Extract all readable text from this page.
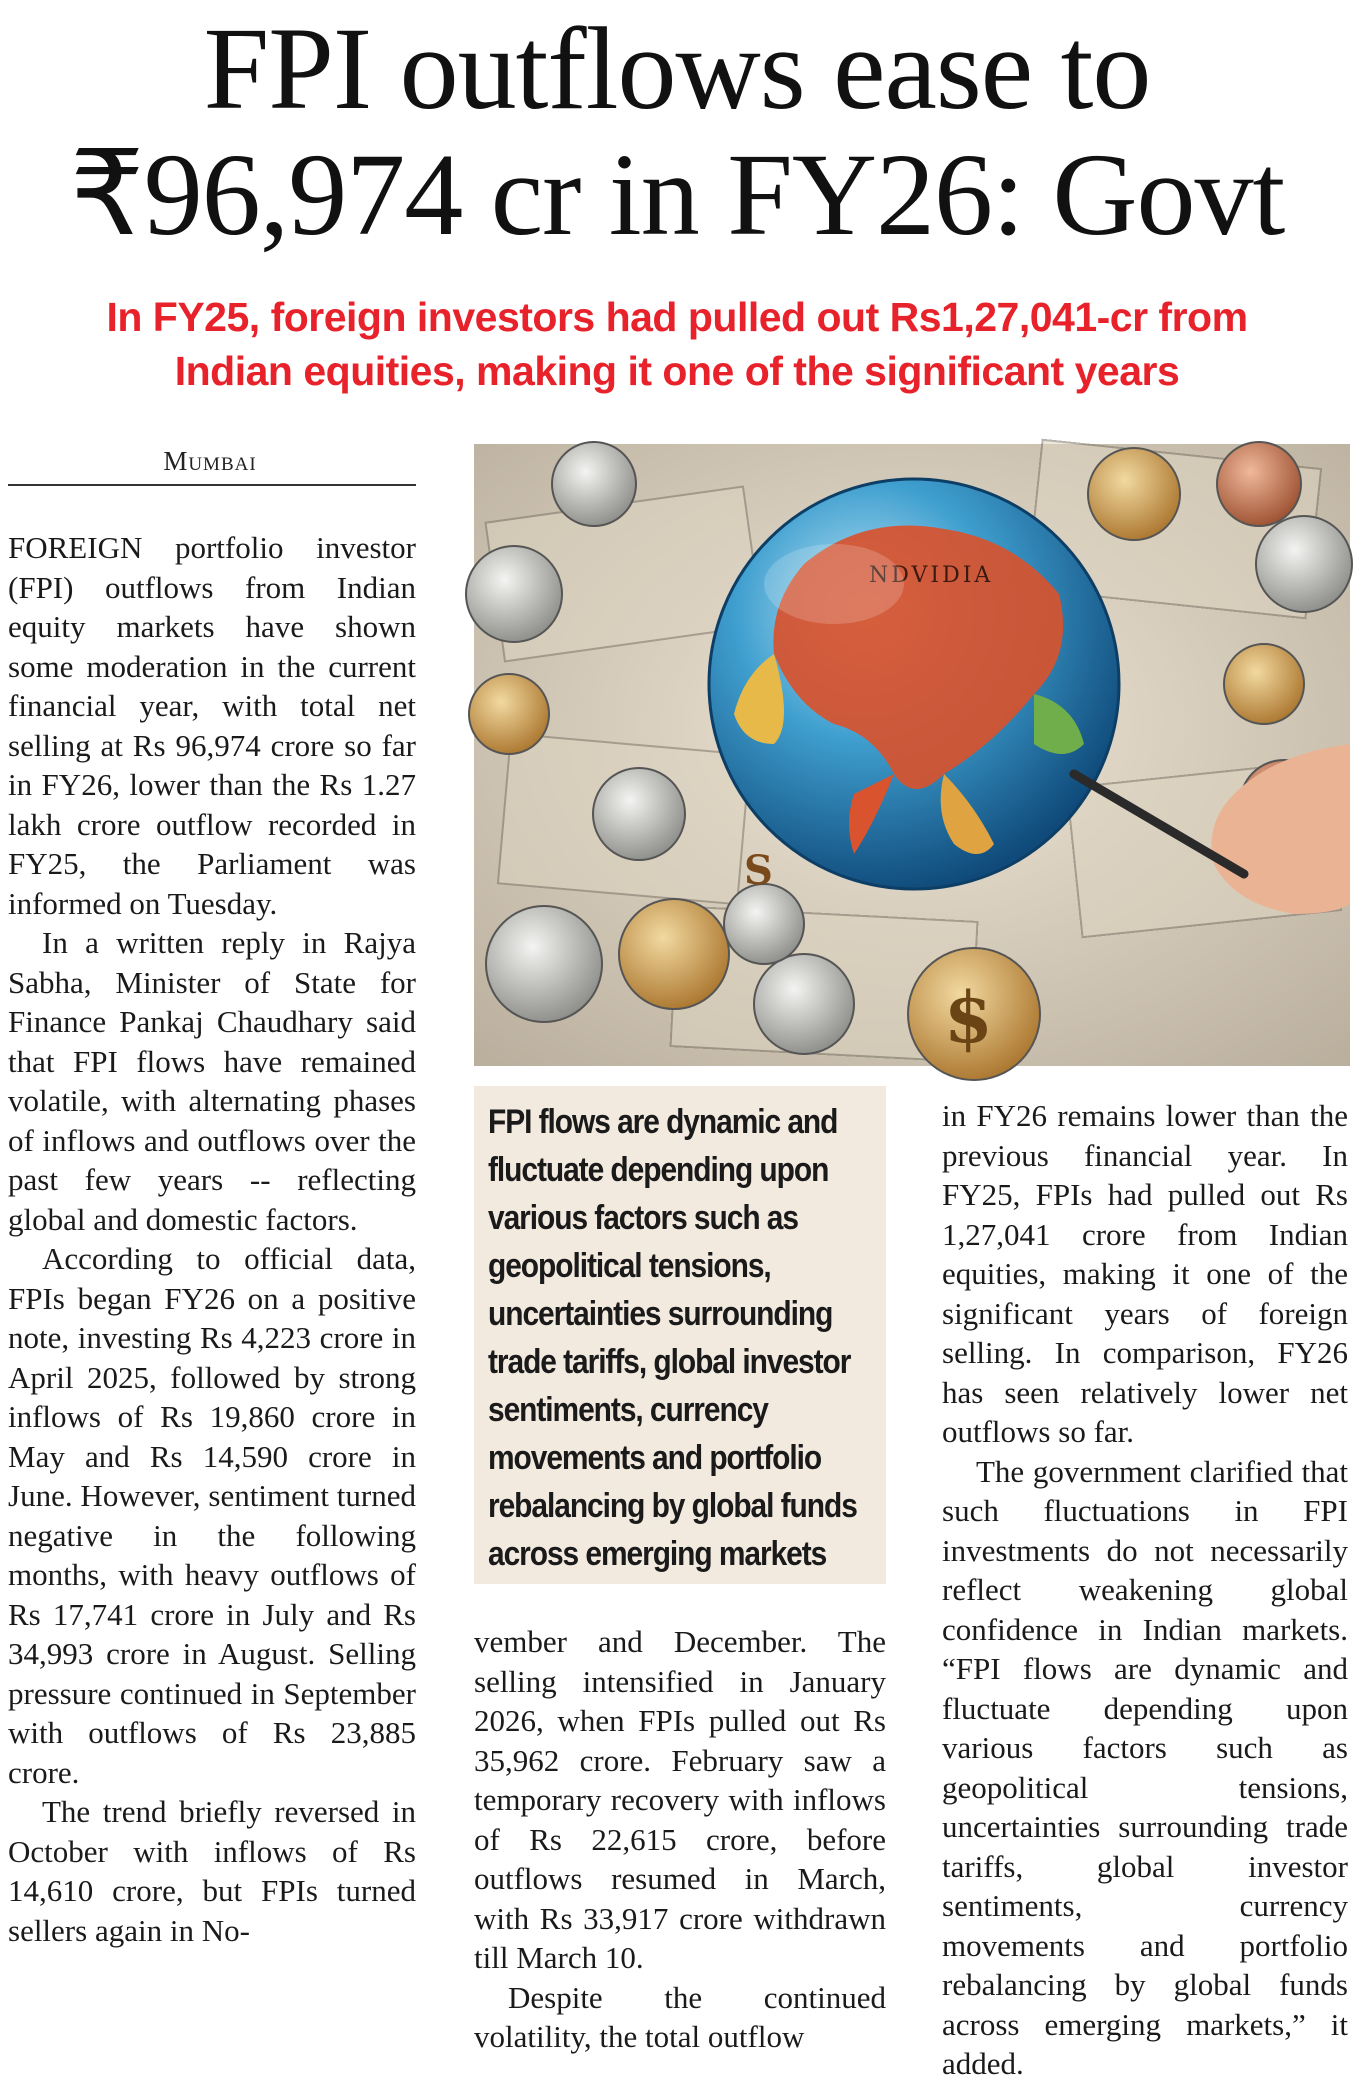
FPI outflows ease to
₹96,974 cr in FY26: Govt
In FY25, foreign investors had pulled out Rs1,27,041-cr from
Indian equities, making it one of the significant years
Mumbai

FOREIGN portfolio investor (FPI) outflows from Indian equity markets have shown some moderation in the current financial year, with total net selling at Rs 96,974 crore so far in FY26, lower than the Rs 1.27 lakh crore outflow recorded in FY25, the Parliament was informed on Tuesday.

In a written reply in Rajya Sabha, Minister of State for Finance Pankaj Chaudhary said that FPI flows have remained volatile, with alternating phases of inflows and outflows over the past few years -- reflecting global and domestic factors.

According to official data, FPIs began FY26 on a positive note, investing Rs 4,223 crore in April 2025, followed by strong inflows of Rs 19,860 crore in May and Rs 14,590 crore in June. However, sentiment turned negative in the following months, with heavy outflows of Rs 17,741 crore in July and Rs 34,993 crore in August. Selling pressure continued in September with outflows of Rs 23,885 crore.

The trend briefly reversed in October with inflows of Rs 14,610 crore, but FPIs turned sellers again in No-

$
S
NDVIDIA
FPI flows are dynamic and fluctuate depending upon various factors such as geopolitical tensions, uncertainties surrounding trade tariffs, global investor sentiments, currency movements and portfolio rebalancing by global funds across emerging markets

vember and December. The selling intensified in January 2026, when FPIs pulled out Rs 35,962 crore. February saw a temporary recovery with inflows of Rs 22,615 crore, before outflows resumed in March, with Rs 33,917 crore withdrawn till March 10.

Despite the continued volatility, the total outflow

in FY26 remains lower than the previous financial year. In FY25, FPIs had pulled out Rs 1,27,041 crore from Indian equities, making it one of the significant years of foreign selling. In comparison, FY26 has seen relatively lower net outflows so far.

The government clarified that such fluctuations in FPI investments do not necessarily reflect weakening global confidence in Indian markets. “FPI flows are dynamic and fluctuate depending upon various factors such as geopolitical tensions, uncertainties surrounding trade tariffs, global investor sentiments, currency movements and portfolio rebalancing by global funds across emerging markets,” it added.
